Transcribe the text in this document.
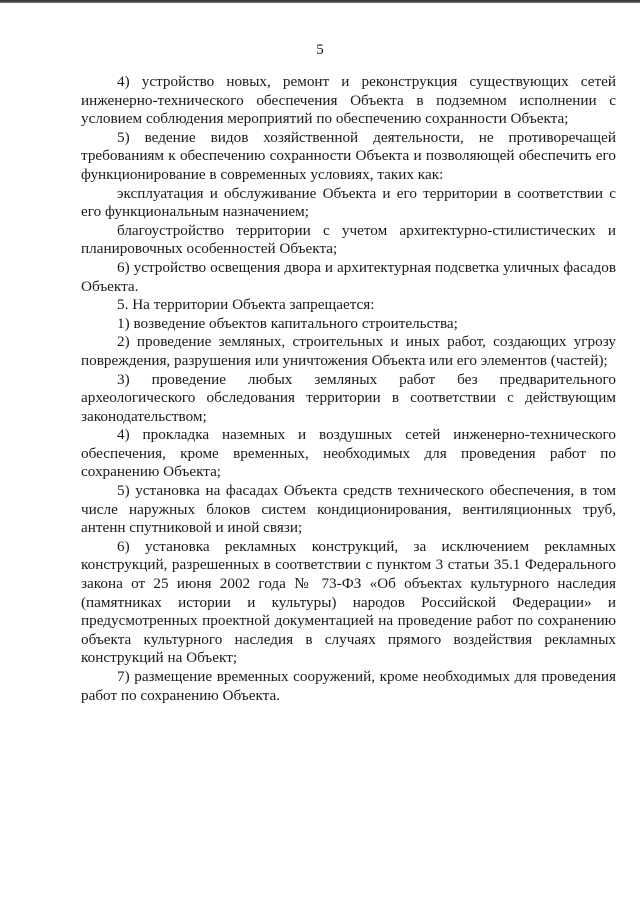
5

4) устройство новых, ремонт и реконструкция существующих сетей инженерно-технического обеспечения Объекта в подземном исполнении с условием соблюдения мероприятий по обеспечению сохранности Объекта;

5) ведение видов хозяйственной деятельности, не противоречащей требованиям к обеспечению сохранности Объекта и позволяющей обеспечить его функционирование в современных условиях, таких как:

эксплуатация и обслуживание Объекта и его территории в соответствии с его функциональным назначением;

благоустройство территории с учетом архитектурно-стилистических и планировочных особенностей Объекта;

6) устройство освещения двора и архитектурная подсветка уличных фасадов Объекта.

5. На территории Объекта запрещается:

1) возведение объектов капитального строительства;

2) проведение земляных, строительных и иных работ, создающих угрозу повреждения, разрушения или уничтожения Объекта или его элементов (частей);

3) проведение любых земляных работ без предварительного археологического обследования территории в соответствии с действующим законодательством;

4) прокладка наземных и воздушных сетей инженерно-технического обеспечения, кроме временных, необходимых для проведения работ по сохранению Объекта;

5) установка на фасадах Объекта средств технического обеспечения, в том числе наружных блоков систем кондиционирования, вентиляционных труб, антенн спутниковой и иной связи;

6) установка рекламных конструкций, за исключением рекламных конструкций, разрешенных в соответствии с пунктом 3 статьи 35.1 Федерального закона от 25 июня 2002 года № 73-ФЗ «Об объектах культурного наследия (памятниках истории и культуры) народов Российской Федерации» и предусмотренных проектной документацией на проведение работ по сохранению объекта культурного наследия в случаях прямого воздействия рекламных конструкций на Объект;

7) размещение временных сооружений, кроме необходимых для проведения работ по сохранению Объекта.
